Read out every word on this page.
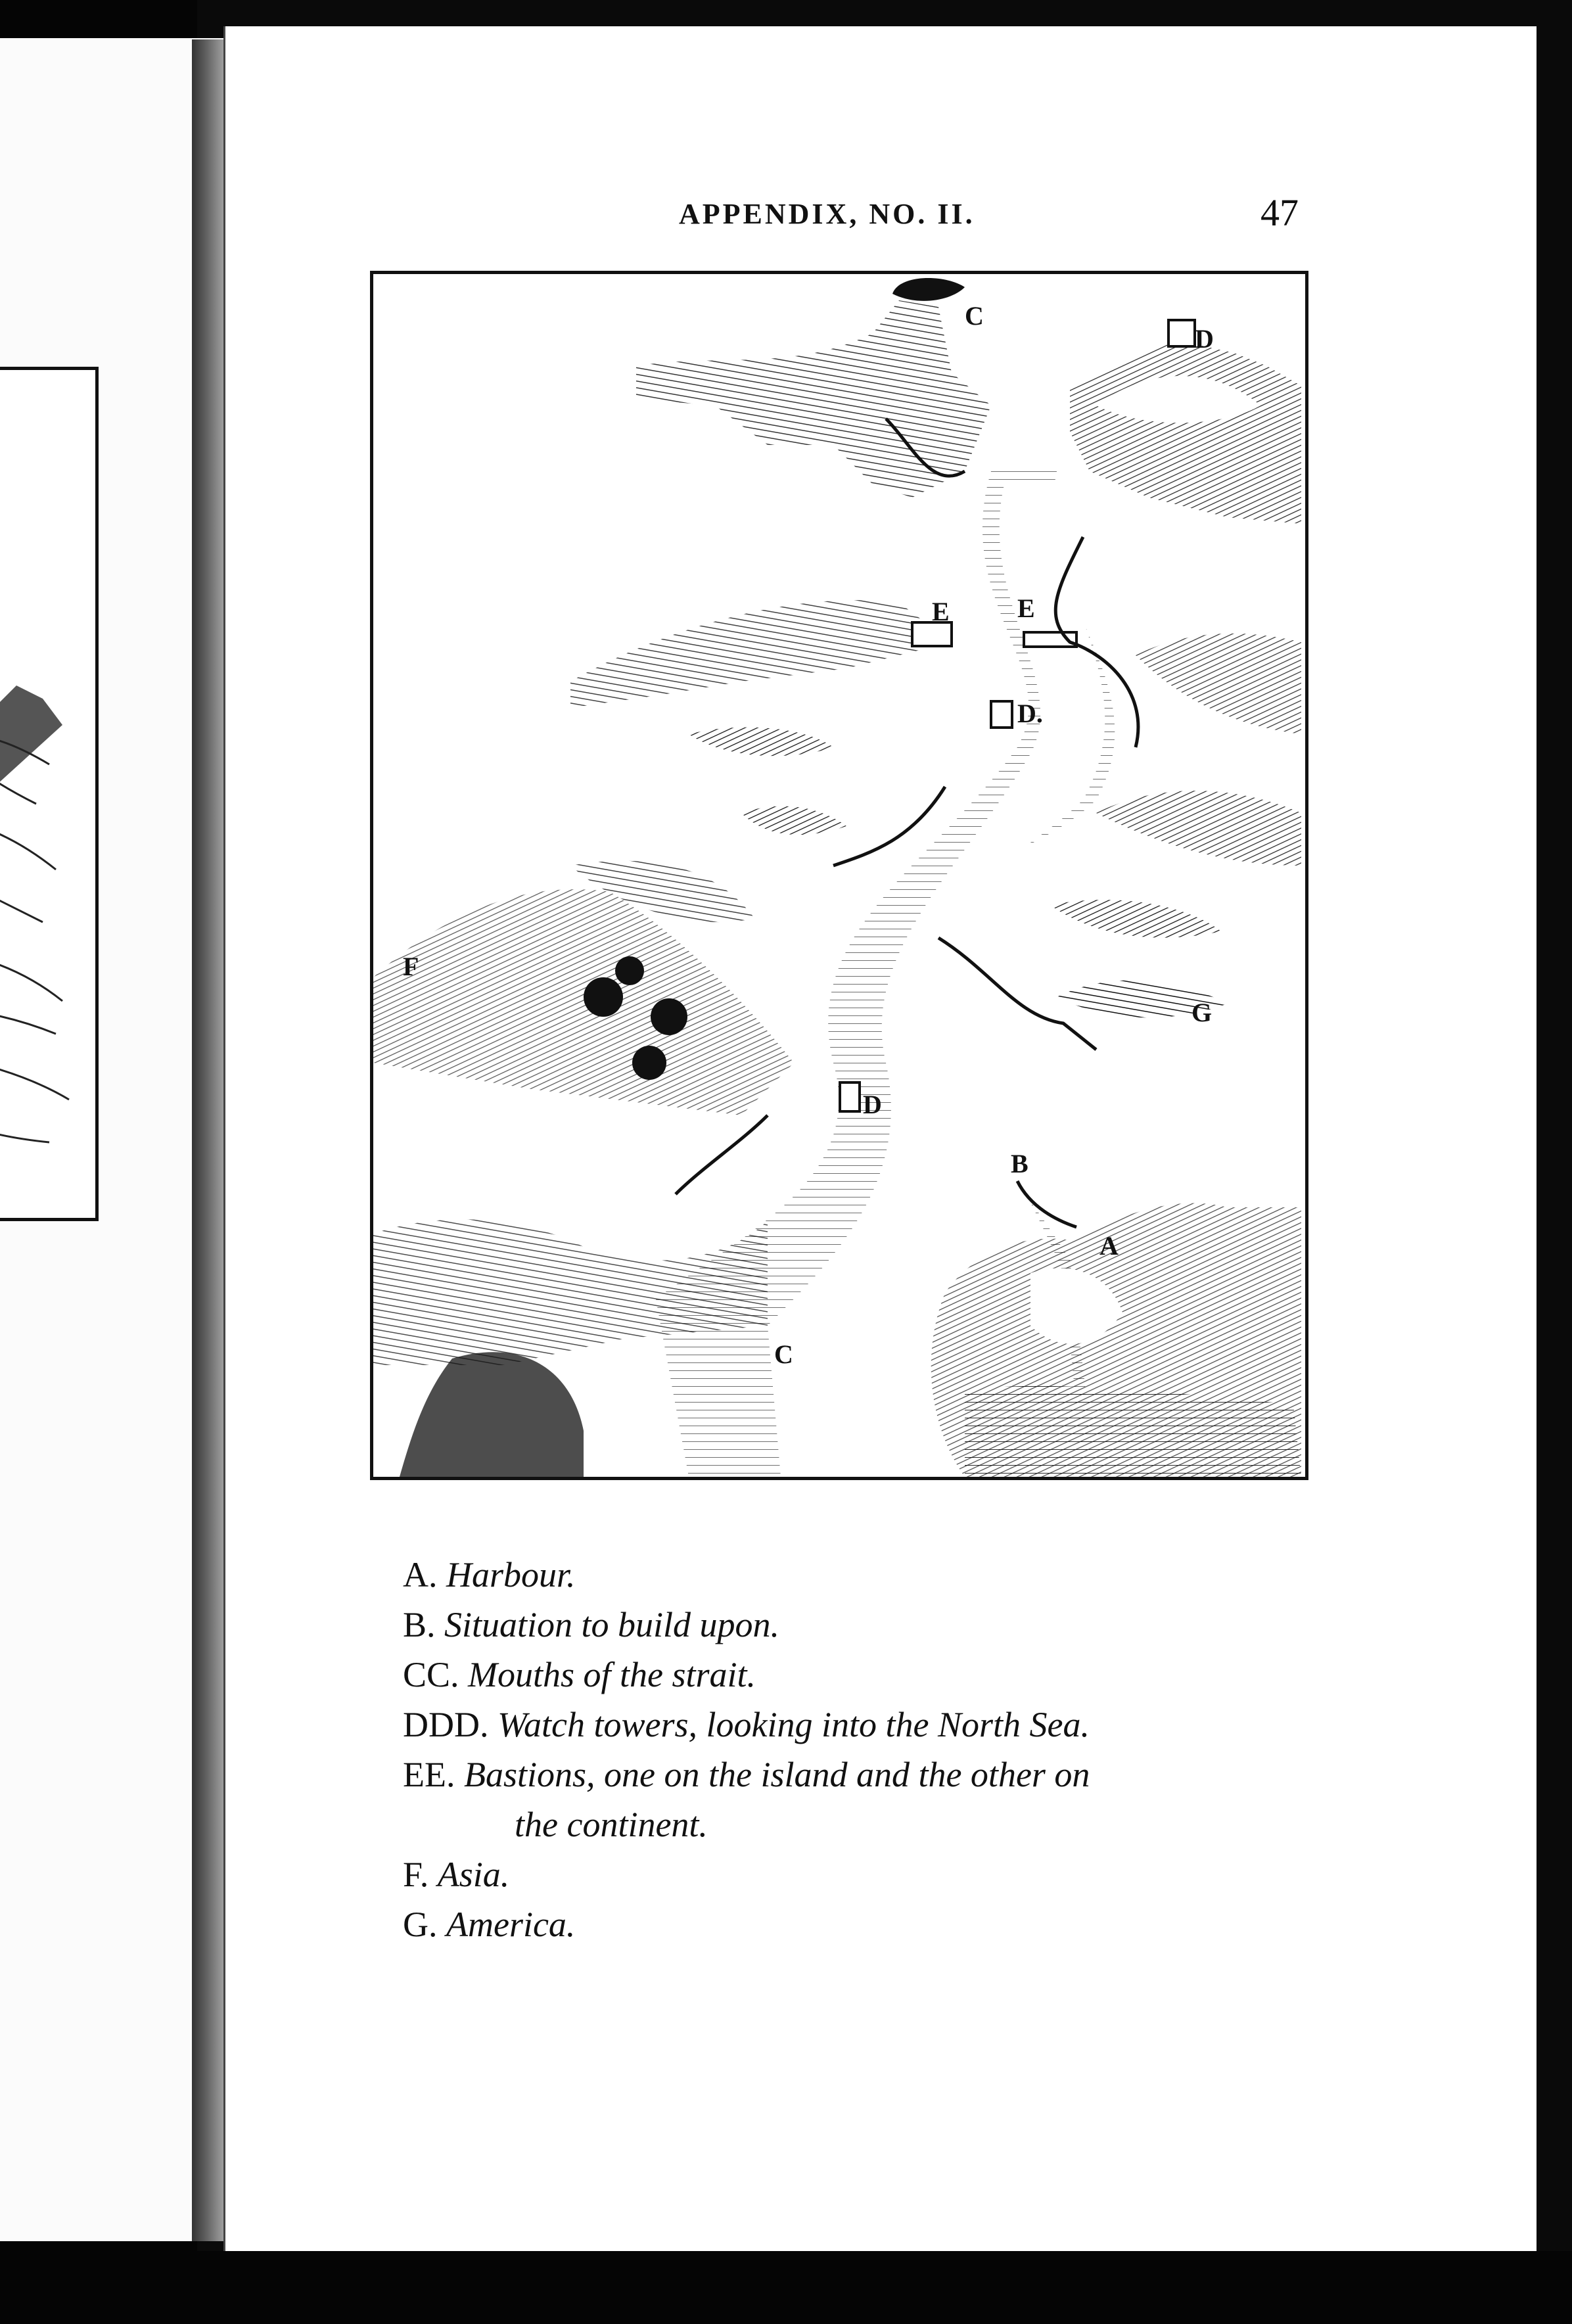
APPENDIX, NO. II.	47
C
D
E	E
D.
F
G
D
B
A
C
A. Harbour.
B. Situation to build upon.
CC. Mouths of the strait.
DDD. Watch towers, looking into the North Sea.
EE. Bastions, one on the island and the other on
the continent.
F. Asia.
G. America.
